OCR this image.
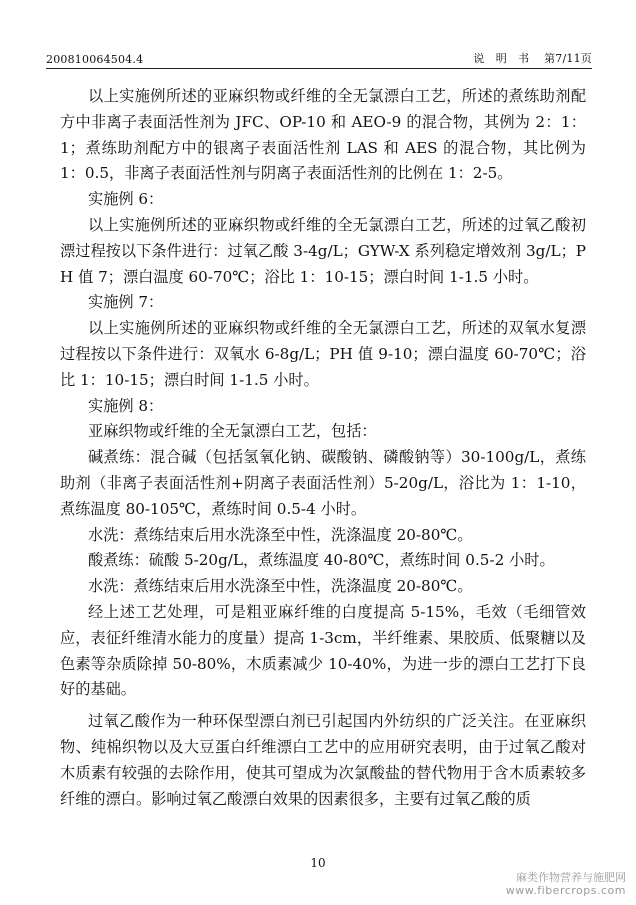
200810064504.4	说　明　书 第7/11页

以上实施例所述的亚麻织物或纤维的全无氯漂白工艺，所述的煮练助剂配方中非离子表面活性剂为 JFC、OP-10 和 AEO-9 的混合物，其例为 2：1：1；煮练助剂配方中的银离子表面活性剂 LAS 和 AES 的混合物，其比例为 1：0.5，非离子表面活性剂与阴离子表面活性剂的比例在 1：2-5。

实施例 6：

以上实施例所述的亚麻织物或纤维的全无氯漂白工艺，所述的过氧乙酸初漂过程按以下条件进行：过氧乙酸 3-4g/L；GYW-X 系列稳定增效剂 3g/L；PH 值 7；漂白温度 60-70℃；浴比 1：10-15；漂白时间 1-1.5 小时。

实施例 7：

以上实施例所述的亚麻织物或纤维的全无氯漂白工艺，所述的双氧水复漂过程按以下条件进行：双氧水 6-8g/L；PH 值 9-10；漂白温度 60-70℃；浴比 1：10-15；漂白时间 1-1.5 小时。

实施例 8：

亚麻织物或纤维的全无氯漂白工艺，包括：

碱煮练：混合碱（包括氢氧化钠、碳酸钠、磷酸钠等）30-100g/L，煮练助剂（非离子表面活性剂+阴离子表面活性剂）5-20g/L，浴比为 1：1-10，煮练温度 80-105℃，煮练时间 0.5-4 小时。

水洗：煮练结束后用水洗涤至中性，洗涤温度 20-80℃。

酸煮练：硫酸 5-20g/L，煮练温度 40-80℃，煮练时间 0.5-2 小时。

水洗：煮练结束后用水洗涤至中性，洗涤温度 20-80℃。

经上述工艺处理，可是粗亚麻纤维的白度提高 5-15%，毛效（毛细管效应，表征纤维清水能力的度量）提高 1-3cm，半纤维素、果胶质、低聚糖以及色素等杂质除掉 50-80%，木质素减少 10-40%，为进一步的漂白工艺打下良好的基础。

过氧乙酸作为一种环保型漂白剂已引起国内外纺织的广泛关注。在亚麻织物、纯棉织物以及大豆蛋白纤维漂白工艺中的应用研究表明，由于过氧乙酸对木质素有较强的去除作用，使其可望成为次氯酸盐的替代物用于含木质素较多纤维的漂白。影响过氧乙酸漂白效果的因素很多，主要有过氧乙酸的质

10
麻类作物营养与施肥网
www.fibercrops.com
